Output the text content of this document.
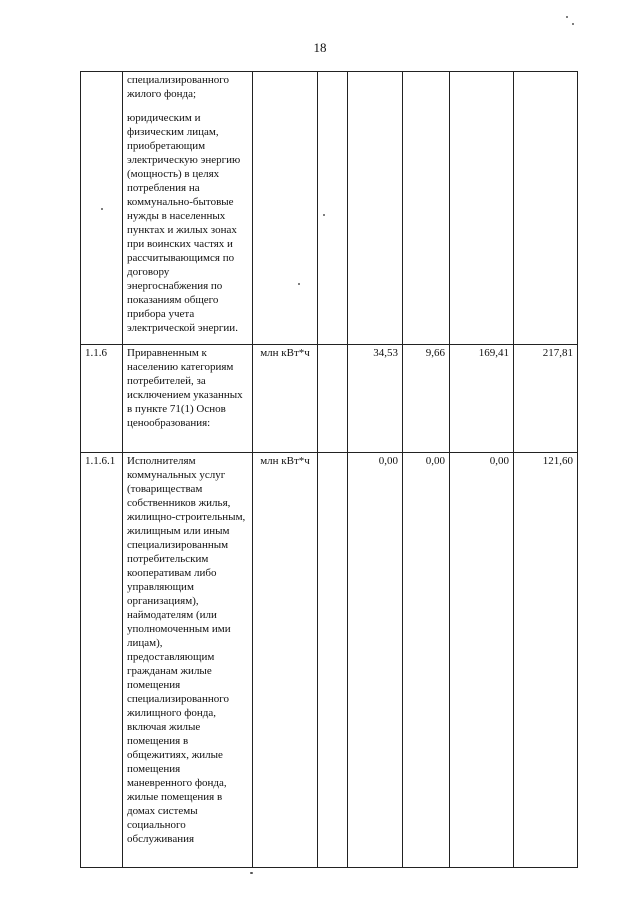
18

	специализированного жилого фонда;

юридическим и физическим лицам, приобретающим электрическую энергию (мощность) в целях потребления на коммунально-бытовые нужды в населенных пунктах и жилых зонах при воинских частях и рассчитывающимся по договору энергоснабжения по показаниям общего прибора учета электрической энергии.						

1.1.6	Приравненным к населению категориям потребителей, за исключением указанных в пункте 71(1) Основ ценообразования:	млн кВт*ч		34,53	9,66	169,41	217,81
1.1.6.1	Исполнителям коммунальных услуг (товариществам собственников жилья, жилищно-строительным, жилищным или иным специализированным потребительским кооперативам либо управляющим организациям), наймодателям (или уполномоченным ими лицам), предоставляющим гражданам жилые помещения специализированного жилищного фонда, включая жилые помещения в общежитиях, жилые помещения маневренного фонда, жилые помещения в домах системы социального обслуживания	млн кВт*ч		0,00	0,00	0,00	121,60
